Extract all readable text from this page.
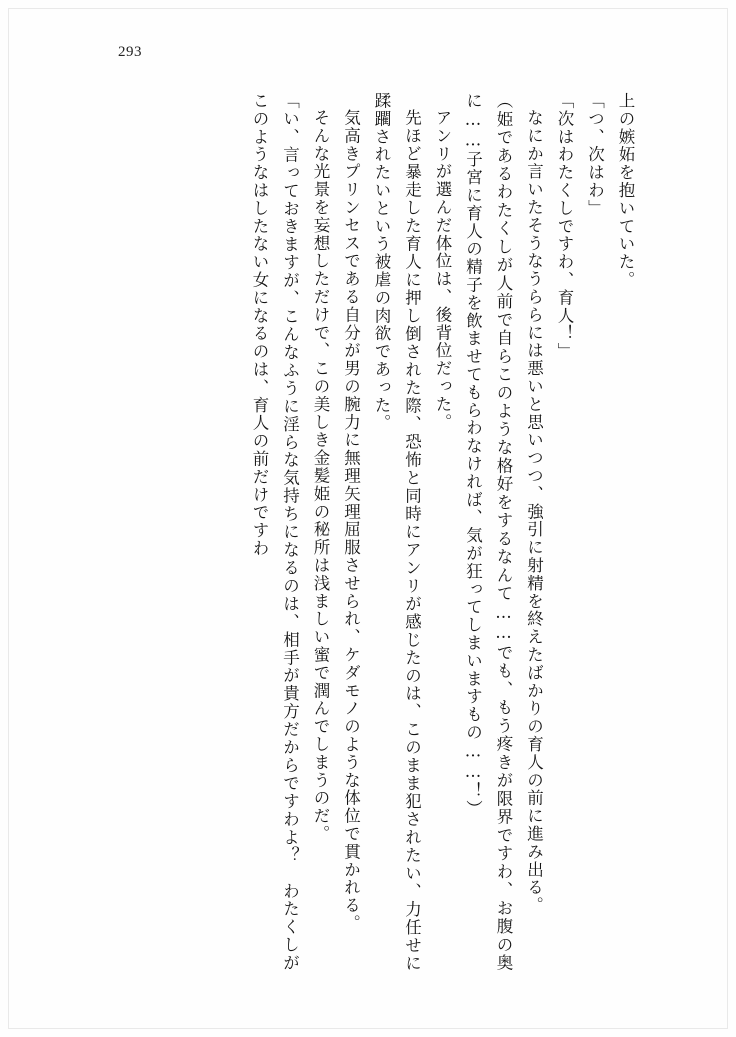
293

上の嫉妬を抱いていた。

「つ、次はわ」

「次はわたくしですわ、育人！」

なにか言いたそうなうららには悪いと思いつつ、強引に射精を終えたばかりの育人の前に進み出る。

（姫であるわたくしが人前で自らこのような格好をするなんて……でも、もう疼きが限界ですわ、お腹の奥に……子宮に育人の精子を飲ませてもらわなければ、気が狂ってしまいますもの……！）

アンリが選んだ体位は、後背位だった。

先ほど暴走した育人に押し倒された際、恐怖と同時にアンリが感じたのは、このまま犯されたい、力任せに蹂躙されたいという被虐の肉欲であった。

気高きプリンセスである自分が男の腕力に無理矢理屈服させられ、ケダモノのような体位で貫かれる。

そんな光景を妄想しただけで、この美しき金髪姫の秘所は浅ましい蜜で潤んでしまうのだ。

「い、言っておきますが、こんなふうに淫らな気持ちになるのは、相手が貴方だからですわよ？　わたくしがこのようなはしたない女になるのは、育人の前だけですわ
